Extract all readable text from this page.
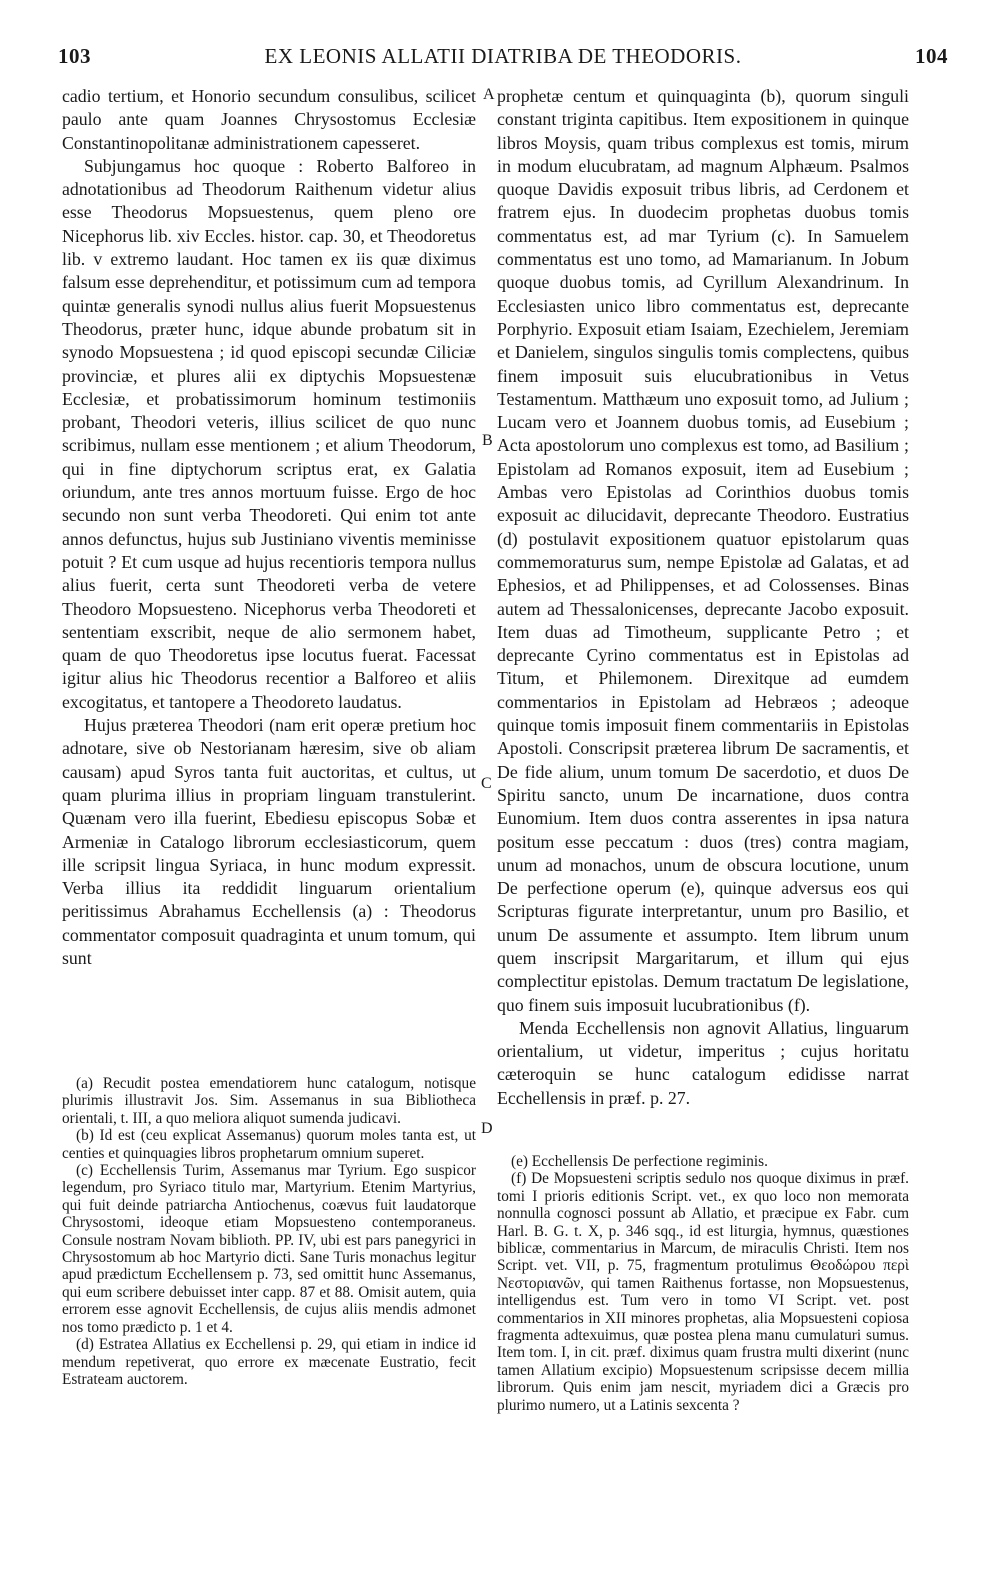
103	EX LEONIS ALLATII DIATRIBA DE THEODORIS.	104
A
B
C
D

cadio tertium, et Honorio secundum consulibus, scilicet paulo ante quam Joannes Chrysostomus Ecclesiæ Constantinopolitanæ administrationem capesseret.

Subjungamus hoc quoque : Roberto Balforeo in adnotationibus ad Theodorum Raithenum videtur alius esse Theodorus Mopsuestenus, quem pleno ore Nicephorus lib. xiv Eccles. histor. cap. 30, et Theodoretus lib. v extremo laudant. Hoc tamen ex iis quæ diximus falsum esse deprehenditur, et potissimum cum ad tempora quintæ generalis synodi nullus alius fuerit Mopsuestenus Theodorus, præter hunc, idque abunde probatum sit in synodo Mopsuestena ; id quod episcopi secundæ Ciliciæ provinciæ, et plures alii ex diptychis Mopsuestenæ Ecclesiæ, et probatissimorum hominum testimoniis probant, Theodori veteris, illius scilicet de quo nunc scribimus, nullam esse mentionem ; et alium Theodorum, qui in fine diptychorum scriptus erat, ex Galatia oriundum, ante tres annos mortuum fuisse. Ergo de hoc secundo non sunt verba Theodoreti. Qui enim tot ante annos defunctus, hujus sub Justiniano viventis meminisse potuit ? Et cum usque ad hujus recentioris tempora nullus alius fuerit, certa sunt Theodoreti verba de vetere Theodoro Mopsuesteno. Nicephorus verba Theodoreti et sententiam exscribit, neque de alio sermonem habet, quam de quo Theodoretus ipse locutus fuerat. Facessat igitur alius hic Theodorus recentior a Balforeo et aliis excogitatus, et tantopere a Theodoreto laudatus.

Hujus præterea Theodori (nam erit operæ pretium hoc adnotare, sive ob Nestorianam hæresim, sive ob aliam causam) apud Syros tanta fuit auctoritas, et cultus, ut quam plurima illius in propriam linguam transtulerint. Quænam vero illa fuerint, Ebediesu episcopus Sobæ et Armeniæ in Catalogo librorum ecclesiasticorum, quem ille scripsit lingua Syriaca, in hunc modum expressit. Verba illius ita reddidit linguarum orientalium peritissimus Abrahamus Ecchellensis (a) : Theodorus commentator composuit quadraginta et unum tomum, qui sunt

(a) Recudit postea emendatiorem hunc catalogum, notisque plurimis illustravit Jos. Sim. Assemanus in sua Bibliotheca orientali, t. III, a quo meliora aliquot sumenda judicavi.

(b) Id est (ceu explicat Assemanus) quorum moles tanta est, ut centies et quinquagies libros prophetarum omnium superet.

(c) Ecchellensis Turim, Assemanus mar Tyrium. Ego suspicor legendum, pro Syriaco titulo mar, Martyrium. Etenim Martyrius, qui fuit deinde patriarcha Antiochenus, coævus fuit laudatorque Chrysostomi, ideoque etiam Mopsuesteno contemporaneus. Consule nostram Novam biblioth. PP. IV, ubi est pars panegyrici in Chrysostomum ab hoc Martyrio dicti. Sane Turis monachus legitur apud prædictum Ecchellensem p. 73, sed omittit hunc Assemanus, qui eum scribere debuisset inter capp. 87 et 88. Omisit autem, quia errorem esse agnovit Ecchellensis, de cujus aliis mendis admonet nos tomo prædicto p. 1 et 4.

(d) Estratea Allatius ex Ecchellensi p. 29, qui etiam in indice id mendum repetiverat, quo errore ex mæcenate Eustratio, fecit Estrateam auctorem.

prophetæ centum et quinquaginta (b), quorum singuli constant triginta capitibus. Item expositionem in quinque libros Moysis, quam tribus complexus est tomis, mirum in modum elucubratam, ad magnum Alphæum. Psalmos quoque Davidis exposuit tribus libris, ad Cerdonem et fratrem ejus. In duodecim prophetas duobus tomis commentatus est, ad mar Tyrium (c). In Samuelem commentatus est uno tomo, ad Mamarianum. In Jobum quoque duobus tomis, ad Cyrillum Alexandrinum. In Ecclesiasten unico libro commentatus est, deprecante Porphyrio. Exposuit etiam Isaiam, Ezechielem, Jeremiam et Danielem, singulos singulis tomis complectens, quibus finem imposuit suis elucubrationibus in Vetus Testamentum. Matthæum uno exposuit tomo, ad Julium ; Lucam vero et Joannem duobus tomis, ad Eusebium ; Acta apostolorum uno complexus est tomo, ad Basilium ; Epistolam ad Romanos exposuit, item ad Eusebium ; Ambas vero Epistolas ad Corinthios duobus tomis exposuit ac dilucidavit, deprecante Theodoro. Eustratius (d) postulavit expositionem quatuor epistolarum quas commemoraturus sum, nempe Epistolæ ad Galatas, et ad Ephesios, et ad Philippenses, et ad Colossenses. Binas autem ad Thessalonicenses, deprecante Jacobo exposuit. Item duas ad Timotheum, supplicante Petro ; et deprecante Cyrino commentatus est in Epistolas ad Titum, et Philemonem. Direxitque ad eumdem commentarios in Epistolam ad Hebræos ; adeoque quinque tomis imposuit finem commentariis in Epistolas Apostoli. Conscripsit præterea librum De sacramentis, et De fide alium, unum tomum De sacerdotio, et duos De Spiritu sancto, unum De incarnatione, duos contra Eunomium. Item duos contra asserentes in ipsa natura positum esse peccatum : duos (tres) contra magiam, unum ad monachos, unum de obscura locutione, unum De perfectione operum (e), quinque adversus eos qui Scripturas figurate interpretantur, unum pro Basilio, et unum De assumente et assumpto. Item librum unum quem inscripsit Margaritarum, et illum qui ejus complectitur epistolas. Demum tractatum De legislatione, quo finem suis imposuit lucubrationibus (f).

Menda Ecchellensis non agnovit Allatius, linguarum orientalium, ut videtur, imperitus ; cujus horitatu cæteroquin se hunc catalogum edidisse narrat Ecchellensis in præf. p. 27.

(e) Ecchellensis De perfectione regiminis.

(f) De Mopsuesteni scriptis sedulo nos quoque diximus in præf. tomi I prioris editionis Script. vet., ex quo loco non memorata nonnulla cognosci possunt ab Allatio, et præcipue ex Fabr. cum Harl. B. G. t. X, p. 346 sqq., id est liturgia, hymnus, quæstiones biblicæ, commentarius in Marcum, de miraculis Christi. Item nos Script. vet. VII, p. 75, fragmentum protulimus Θεοδώρου περὶ Νεστοριανῶν, qui tamen Raithenus fortasse, non Mopsuestenus, intelligendus est. Tum vero in tomo VI Script. vet. post commentarios in XII minores prophetas, alia Mopsuesteni copiosa fragmenta adtexuimus, quæ postea plena manu cumulaturi sumus. Item tom. I, in cit. præf. diximus quam frustra multi dixerint (nunc tamen Allatium excipio) Mopsuestenum scripsisse decem millia librorum. Quis enim jam nescit, myriadem dici a Græcis pro plurimo numero, ut a Latinis sexcenta ?
